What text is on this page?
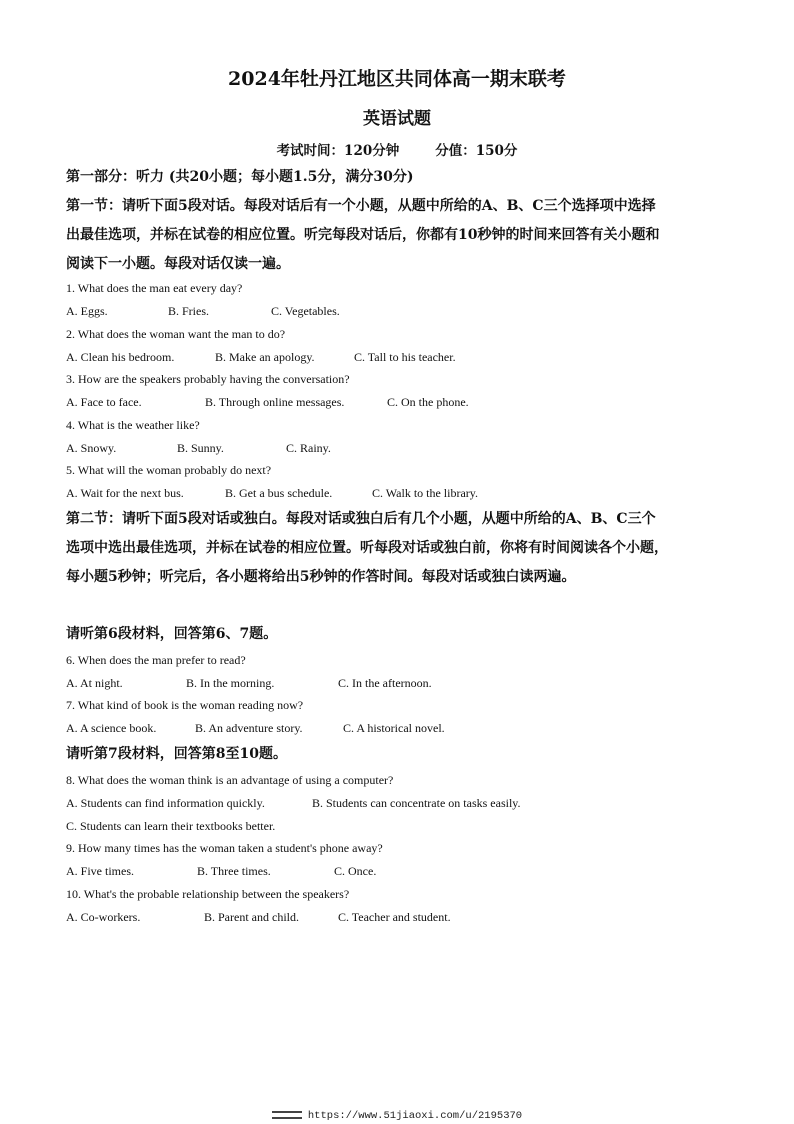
2024年牡丹江地区共同体高一期末联考
英语试题
考试时间：120分钟	分值：150分
第一部分：听力 (共20小题；每小题1.5分，满分30分)
第一节：请听下面5段对话。每段对话后有一个小题，从题中所给的A、B、C三个选择项中选择出最佳选项，并标在试卷的相应位置。听完每段对话后，你都有10秒钟的时间来回答有关小题和阅读下一小题。每段对话仅读一遍。
1. What does the man eat every day?
A. Eggs.	B. Fries.	C. Vegetables.
2. What does the woman want the man to do?
A. Clean his bedroom.	B. Make an apology.	C. Tall to his teacher.
3. How are the speakers probably having the conversation?
A. Face to face.	B. Through online messages.	C. On the phone.
4. What is the weather like?
A. Snowy.	B. Sunny.	C. Rainy.
5. What will the woman probably do next?
A. Wait for the next bus.	B. Get a bus schedule.	C. Walk to the library.
第二节：请听下面5段对话或独白。每段对话或独白后有几个小题，从题中所给的A、B、C三个选项中选出最佳选项，并标在试卷的相应位置。听每段对话或独白前，你将有时间阅读各个小题，每小题5秒钟；听完后，各小题将给出5秒钟的作答时间。每段对话或独白读两遍。
请听第6段材料，回答第6、7题。
6. When does the man prefer to read?
A. At night.	B. In the morning.	C. In the afternoon.
7. What kind of book is the woman reading now?
A. A science book.	B. An adventure story.	C. A historical novel.
请听第7段材料，回答第8至10题。
8. What does the woman think is an advantage of using a computer?
A. Students can find information quickly.	B. Students can concentrate on tasks easily.
C. Students can learn their textbooks better.
9. How many times has the woman taken a student's phone away?
A. Five times.	B. Three times.	C. Once.
10. What's the probable relationship between the speakers?
A. Co-workers.	B. Parent and child.	C. Teacher and student.
https://www.51jiaoxi.com/u/2195370
